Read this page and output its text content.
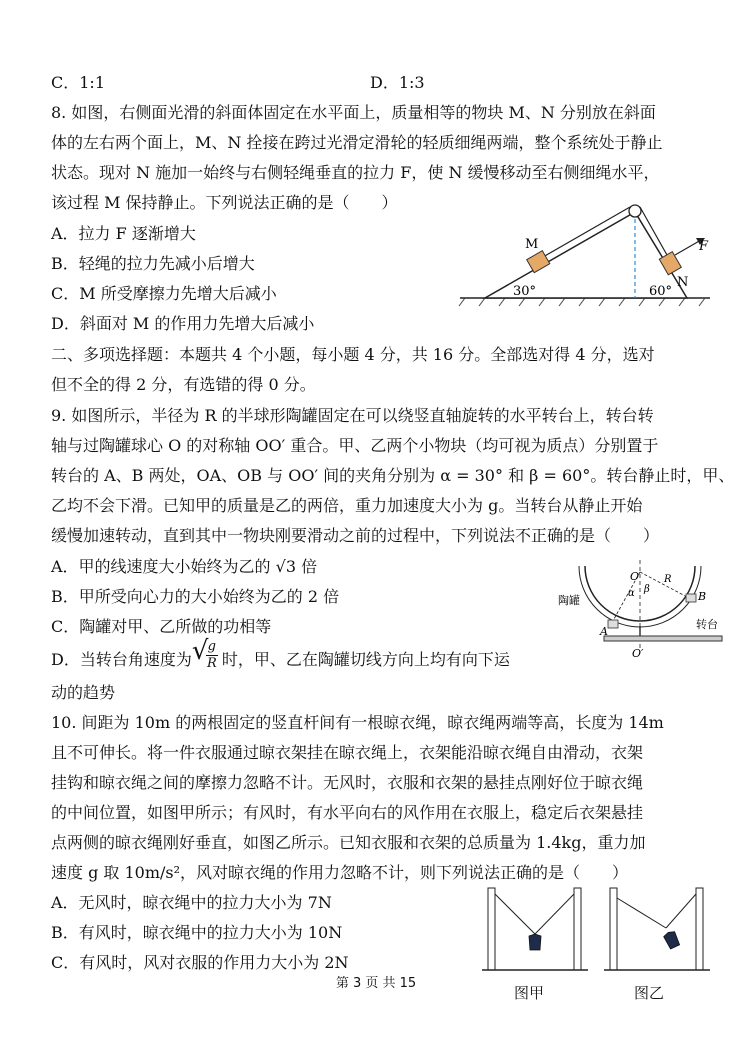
C．1:1	D．1:3
8. 如图，右侧面光滑的斜面体固定在水平面上，质量相等的物块 M、N 分别放在斜面
体的左右两个面上，M、N 拴接在跨过光滑定滑轮的轻质细绳两端，整个系统处于静止
状态。现对 N 施加一始终与右侧轻绳垂直的拉力 F，使 N 缓慢移动至右侧细绳水平，
该过程 M 保持静止。下列说法正确的是（　　）
A．拉力 F 逐渐增大
B．轻绳的拉力先减小后增大
C．M 所受摩擦力先增大后减小
D．斜面对 M 的作用力先增大后减小
M
N
F
30°	60°
二、多项选择题：本题共 4 个小题，每小题 4 分，共 16 分。全部选对得 4 分，选对
但不全的得 2 分，有选错的得 0 分。
9. 如图所示，半径为 R 的半球形陶罐固定在可以绕竖直轴旋转的水平转台上，转台转
轴与过陶罐球心 O 的对称轴 OO′ 重合。甲、乙两个小物块（均可视为质点）分别置于
转台的 A、B 两处，OA、OB 与 OO′ 间的夹角分别为 α = 30° 和 β = 60°。转台静止时，甲、
乙均不会下滑。已知甲的质量是乙的两倍，重力加速度大小为 g。当转台从静止开始
缓慢加速转动，直到其中一物块刚要滑动之前的过程中，下列说法不正确的是（　　）
A．甲的线速度大小始终为乙的 √3 倍
B．甲所受向心力的大小始终为乙的 2 倍
C．陶罐对甲、乙所做的功相等
D．当转台角速度为 √ g
R 时，甲、乙在陶罐切线方向上均有向下运
动的趋势
陶罐
转台
O
O′
A
B
R
α β
10. 间距为 10m 的两根固定的竖直杆间有一根晾衣绳，晾衣绳两端等高，长度为 14m
且不可伸长。将一件衣服通过晾衣架挂在晾衣绳上，衣架能沿晾衣绳自由滑动，衣架
挂钩和晾衣绳之间的摩擦力忽略不计。无风时，衣服和衣架的悬挂点刚好位于晾衣绳
的中间位置，如图甲所示；有风时，有水平向右的风作用在衣服上，稳定后衣架悬挂
点两侧的晾衣绳刚好垂直，如图乙所示。已知衣服和衣架的总质量为 1.4kg，重力加
速度 g 取 10m/s²，风对晾衣绳的作用力忽略不计，则下列说法正确的是（　　）
A．无风时，晾衣绳中的拉力大小为 7N
B．有风时，晾衣绳中的拉力大小为 10N
C．有风时，风对衣服的作用力大小为 2N
图甲	图乙
第 3 页 共 15
